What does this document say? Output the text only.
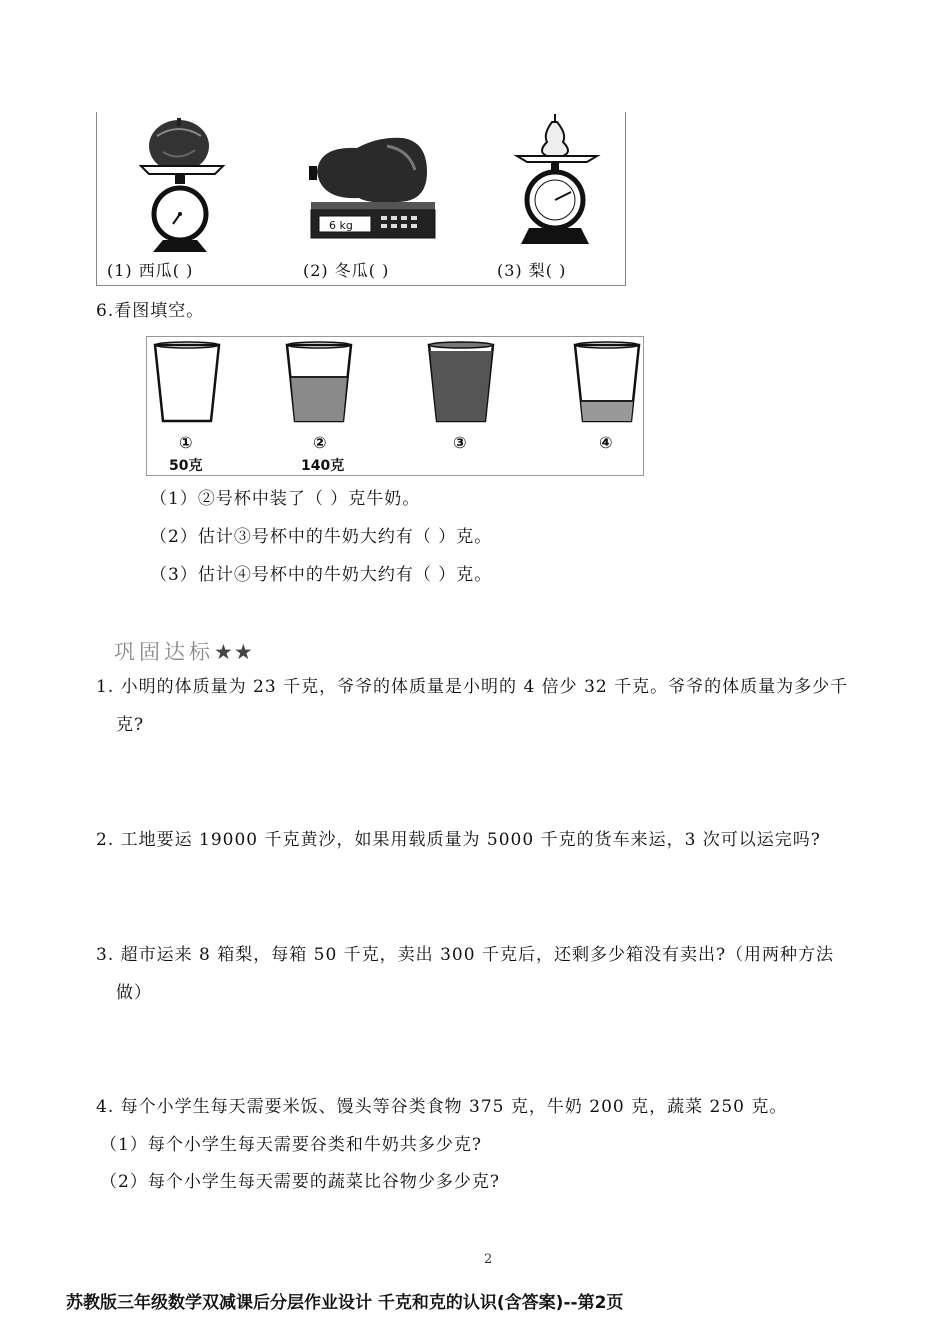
6 kg
(1) 西瓜( )	(2) 冬瓜( )	(3) 梨( )
6.看图填空。
①
50克
②
140克
③	④
（1）②号杯中装了（ ）克牛奶。
（2）估计③号杯中的牛奶大约有（ ）克。
（3）估计④号杯中的牛奶大约有（ ）克。
巩固达标★★
1. 小明的体质量为 23 千克，爷爷的体质量是小明的 4 倍少 32 千克。爷爷的体质量为多少千
克?
2. 工地要运 19000 千克黄沙，如果用载质量为 5000 千克的货车来运，3 次可以运完吗?
3. 超市运来 8 箱梨，每箱 50 千克，卖出 300 千克后，还剩多少箱没有卖出?（用两种方法
做）
4. 每个小学生每天需要米饭、馒头等谷类食物 375 克，牛奶 200 克，蔬菜 250 克。
（1）每个小学生每天需要谷类和牛奶共多少克?
（2）每个小学生每天需要的蔬菜比谷物少多少克?
2
苏教版三年级数学双减课后分层作业设计 千克和克的认识(含答案)--第2页
